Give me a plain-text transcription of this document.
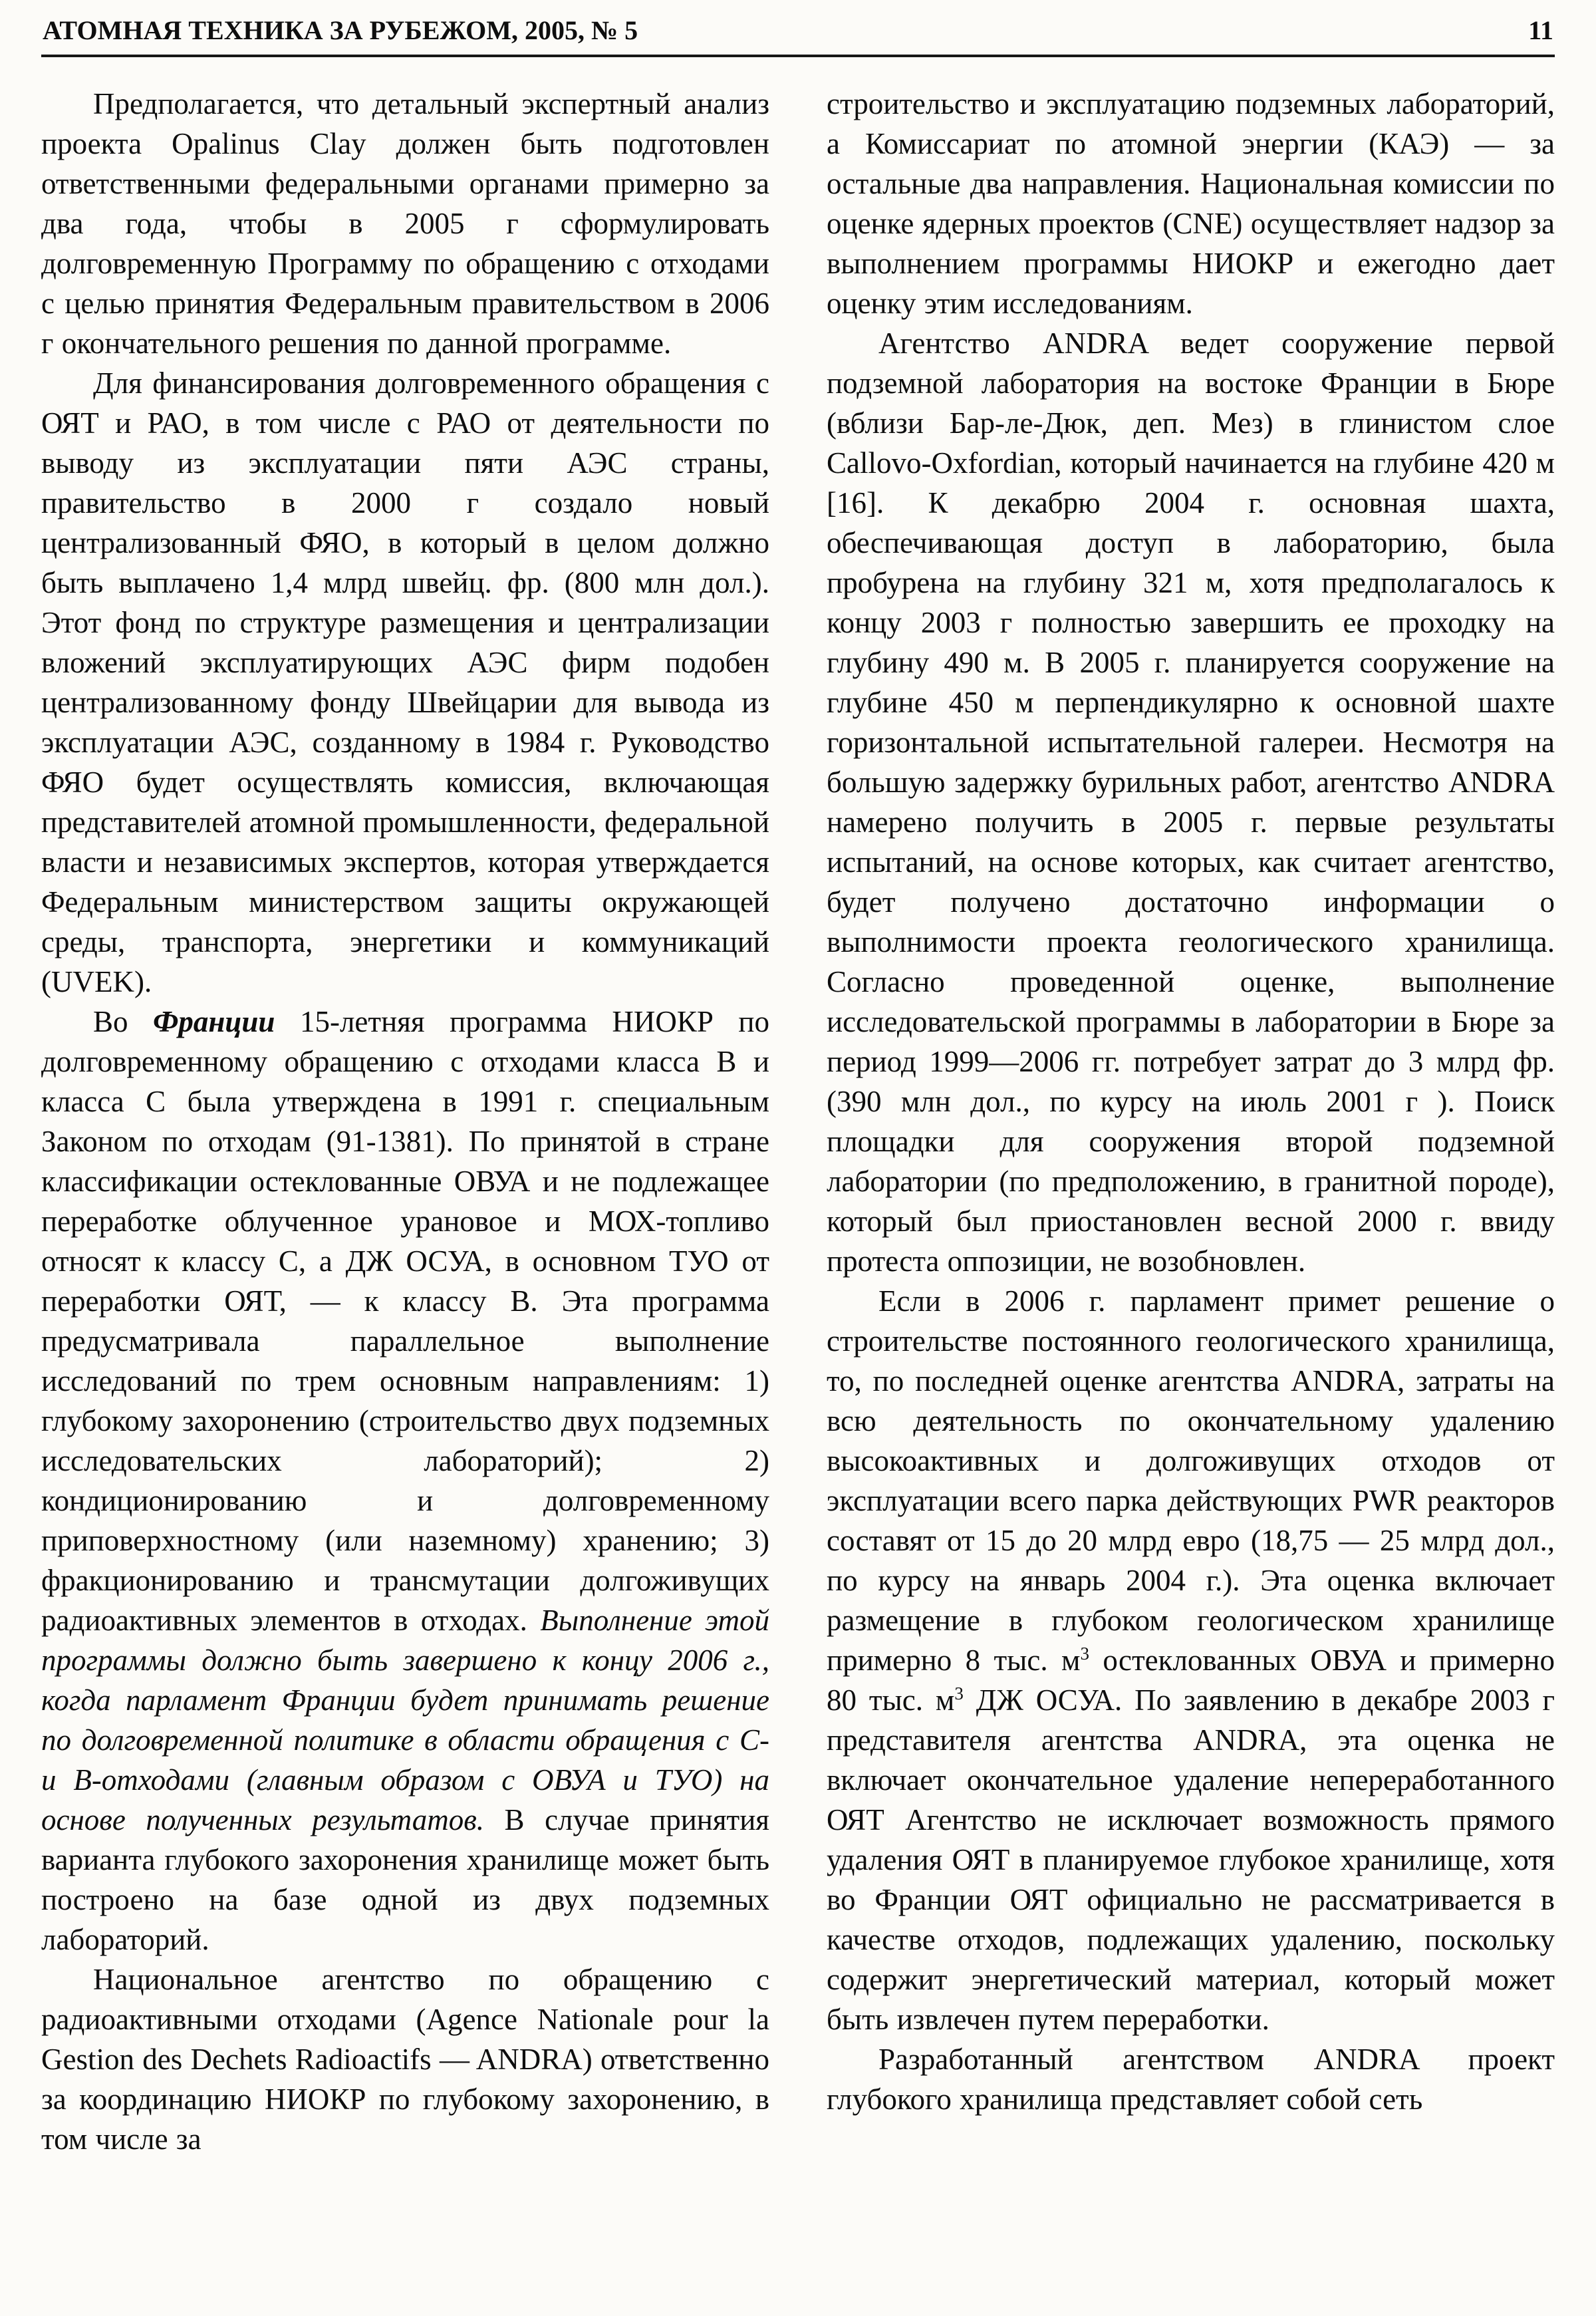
АТОМНАЯ ТЕХНИКА ЗА РУБЕЖОМ, 2005, № 5	11

Предполагается, что детальный экспертный анализ проекта Opalinus Clay должен быть подготовлен ответственными федеральными органами примерно за два года, чтобы в 2005 г сформулировать долговременную Программу по обращению с отходами с целью принятия Федеральным правительством в 2006 г окончательного решения по данной программе.

Для финансирования долговременного обращения с ОЯТ и РАО, в том числе с РАО от деятельности по выводу из эксплуатации пяти АЭС страны, правительство в 2000 г создало новый централизованный ФЯО, в который в целом должно быть выплачено 1,4 млрд швейц. фр. (800 млн дол.). Этот фонд по структуре размещения и централизации вложений эксплуатирующих АЭС фирм подобен централизованному фонду Швейцарии для вывода из эксплуатации АЭС, созданному в 1984 г. Руководство ФЯО будет осуществлять комиссия, включающая представителей атомной промышленности, федеральной власти и независимых экспертов, которая утверждается Федеральным министерством защиты окружающей среды, транспорта, энергетики и коммуникаций (UVEK).

Во Франции 15-летняя программа НИОКР по долговременному обращению с отходами класса В и класса С была утверждена в 1991 г. специальным Законом по отходам (91-1381). По принятой в стране классификации остеклованные ОВУА и не подлежащее переработке облученное урановое и МОХ-топливо относят к классу С, а ДЖ ОСУА, в основном ТУО от переработки ОЯТ, — к классу В. Эта программа предусматривала параллельное выполнение исследований по трем основным направлениям: 1) глубокому захоронению (строительство двух подземных исследовательских лабораторий); 2) кондиционированию и долговременному приповерхностному (или наземному) хранению; 3) фракционированию и трансмутации долгоживущих радиоактивных элементов в отходах. Выполнение этой программы должно быть завершено к концу 2006 г., когда парламент Франции будет принимать решение по долговременной политике в области обращения с С- и В-отходами (главным образом с ОВУА и ТУО) на основе полученных результатов. В случае принятия варианта глубокого захоронения хранилище может быть построено на базе одной из двух подземных лабораторий.

Национальное агентство по обращению с радиоактивными отходами (Agence Nationale pour la Gestion des Dechets Radioactifs — ANDRA) ответственно за координацию НИОКР по глубокому захоронению, в том числе за

строительство и эксплуатацию подземных лабораторий, а Комиссариат по атомной энергии (КАЭ) — за остальные два направления. Национальная комиссии по оценке ядерных проектов (CNE) осуществляет надзор за выполнением программы НИОКР и ежегодно дает оценку этим исследованиям.

Агентство ANDRA ведет сооружение первой подземной лаборатория на востоке Франции в Бюре (вблизи Бар-ле-Дюк, деп. Мез) в глинистом слое Callovo-Oxfordian, который начинается на глубине 420 м [16]. К декабрю 2004 г. основная шахта, обеспечивающая доступ в лабораторию, была пробурена на глубину 321 м, хотя предполагалось к концу 2003 г полностью завершить ее проходку на глубину 490 м. В 2005 г. планируется сооружение на глубине 450 м перпендикулярно к основной шахте горизонтальной испытательной галереи. Несмотря на большую задержку бурильных работ, агентство ANDRA намерено получить в 2005 г. первые результаты испытаний, на основе которых, как считает агентство, будет получено достаточно информации о выполнимости проекта геологического хранилища. Согласно проведенной оценке, выполнение исследовательской программы в лаборатории в Бюре за период 1999—2006 гг. потребует затрат до 3 млрд фр. (390 млн дол., по курсу на июль 2001 г ). Поиск площадки для сооружения второй подземной лаборатории (по предположению, в гранитной породе), который был приостановлен весной 2000 г. ввиду протеста оппозиции, не возобновлен.

Если в 2006 г. парламент примет решение о строительстве постоянного геологического хранилища, то, по последней оценке агентства ANDRA, затраты на всю деятельность по окончательному удалению высокоактивных и долгоживущих отходов от эксплуатации всего парка действующих PWR реакторов составят от 15 до 20 млрд евро (18,75 — 25 млрд дол., по курсу на январь 2004 г.). Эта оценка включает размещение в глубоком геологическом хранилище примерно 8 тыс. $м^3$ остеклованных ОВУА и примерно 80 тыс. $м^3$ ДЖ ОСУА. По заявлению в декабре 2003 г представителя агентства ANDRA, эта оценка не включает окончательное удаление непереработанного ОЯТ Агентство не исключает возможность прямого удаления ОЯТ в планируемое глубокое хранилище, хотя во Франции ОЯТ официально не рассматривается в качестве отходов, подлежащих удалению, поскольку содержит энергетический материал, который может быть извлечен путем переработки.

Разработанный агентством ANDRA проект глубокого хранилища представляет собой сеть
